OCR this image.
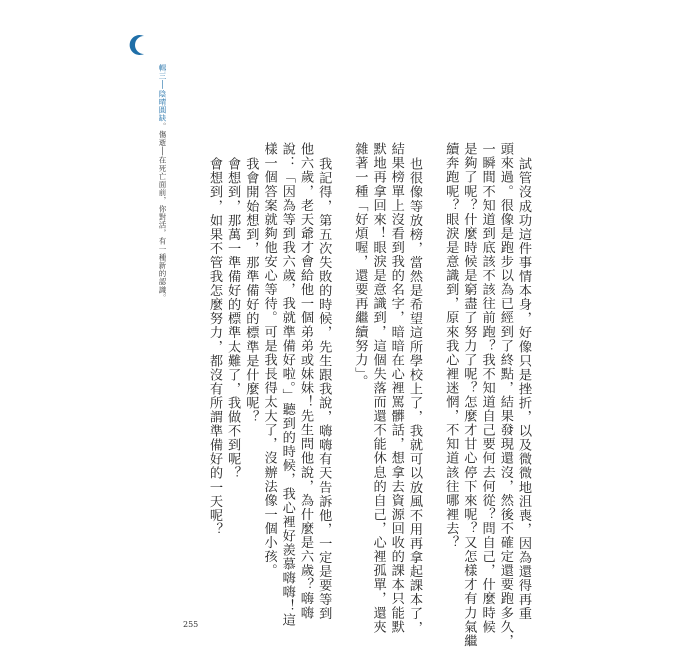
輯三│陰晴圓缺。傷逝│在死亡面前，你對活，有一種新的認識。	試管沒成功這件事情本身，好像只是挫折，以及微微地沮喪，因為還得再重

頭來過。很像是跑步以為已經到了終點，結果發現還沒，然後不確定還要跑多久，

一瞬間不知道到底該不該往前跑？我不知道自己要何去何從？問自己，什麼時候

是夠了呢？什麼時候是窮盡了努力了呢？怎麼才甘心停下來呢？又怎樣才有力氣繼

續奔跑呢？眼淚是意識到，原來我心裡迷惘，不知道該往哪裡去？

也很像等放榜，當然是希望這所學校上了，我就可以放風不用再拿起課本了，

結果榜單上沒看到我的名字，暗暗在心裡罵髒話，想拿去資源回收的課本只能默

默地再拿回來！眼淚是意識到，這個失落而還不能休息的自己，心裡孤單，還夾

雜著一種「好煩喔，還要再繼續努力」。

我記得，第五次失敗的時候，先生跟我說，嗨嗨有天告訴他，一定是要等到

他六歲，老天爺才會給他一個弟弟或妹妹！先生問他說，為什麼是六歲？嗨嗨

說：「因為等到我六歲，我就準備好啦。」聽到的時候，我心裡好羨慕嗨嗨！這

樣一個答案就夠他安心等待。可是我長得太大了，沒辦法像一個小孩。

我會開始想到，那準備好的標準是什麼呢？

會想到，那萬一準備好的標準太難了，我做不到呢？

會想到，如果不管我怎麼努力，都沒有所謂準備好的一天呢？

255
